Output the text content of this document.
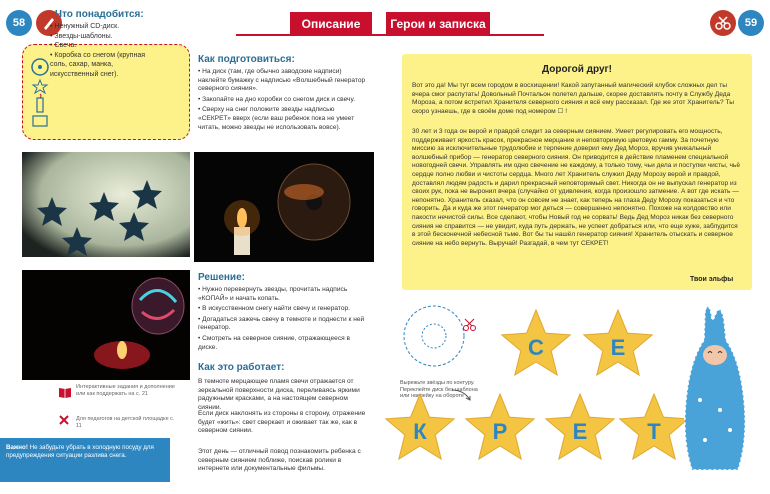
58	59
Описание	Герои и записка
Что понадобится:
• Ненужный CD-диск.
• Звезды-шаблоны.
• Свеча.
• Коробка со снегом (крупная соль, сахар, манка, искусственный снег).
Как подготовиться:
• На диск (там, где обычно заводские надписи) наклейте бумажку с надписью «Волшебный генератор северного сияния».
• Закопайте на дно коробки со снегом диск и свечу.
• Сверху на снег положите звезды надписью «СЕКРЕТ» вверх (если ваш ребенок пока не умеет читать, можно звезды не использовать вовсе).
Решение:
• Нужно перевернуть звезды, прочитать надпись «КОПАЙ» и начать копать.
• В искусственном снегу найти свечу и генератор.
• Догадаться зажечь свечу в темноте и поднести к ней генератор.
• Смотреть на северное сияние, отражающееся в диске.
Как это работает:
В темноте мерцающее пламя свечи отражается от зеркальной поверхности диска, переливаясь яркими радужными красками, а на настоящем северном сиянии.
Если диск наклонять из стороны в сторону, отражение будет «жить»: свет сверкает и оживает так же, как в северном сиянии.
Этот день — отличный повод познакомить ребенка с северным сиянием поближе, поискав ролики в интернете или документальные фильмы.
Интерактивные задания и дополнение или как поддержать на с. 21
Для педагогов на детской площадке с. 11
Важно! Не забудьте убрать в холодную посуду для предупреждения ситуации разлива снега.
Дорогой друг!
Вот это да! Мы тут всем городом в восхищении! Какой запутанный магический клубок сложных дел ты вчера смог распутать! Довольный Почтальон полетел дальше, скорее доставлять почту в Службу Деда Мороза, а потом встретил Хранителя северного сияния и всё ему рассказал. Где же этот Хранитель? Ты скоро узнаешь, где в своём доме под номером ☐ !
30 лет и 3 года он верой и правдой следит за северным сиянием. Умеет регулировать его мощность, поддерживает яркость красок, прекрасное мерцание и неповторимую цветовую гамму. За почетную миссию за исключительные трудолюбие и терпение доверил ему Дед Мороз, вручив уникальный волшебный прибор — генератор северного сияния. Он приводится в действие пламенем специальной новогодней свечи. Управлять им одно свечение не каждому, а только тому, чьи дела и поступки чисты, чьё сердце полно любви и чистоты сердца. Много лет Хранитель служил Деду Морозу верой и правдой, доставлял людям радость и дарил прекрасный неповторимый свет. Никогда он не выпускал генератор из своих рук, пока не выронил вчера (случайно от удивления, когда произошло затмение. А вот где искать — непонятно. Хранитель сказал, что он совсем не знает, как теперь на глаза Деду Морозу показаться и что говорить. Да и куда же этот генератор мог деться — совершенно непонятно. Похоже на колдовство или пакости нечистой силы. Все сделают, чтобы Новый год не сорвать! Ведь Дед Мороз никак без северного сияния не справится — не увидит, куда путь держать, не успеет добраться или, что еще хуже, заблудится в этой бесконечной небесной тьме. Вот бы ты нашёл генератор сияния! Хранитель отыскать и северное сияние на небо вернуть. Выручай! Разгадай, в чем тут СЕКРЕТ!
Твои эльфы
Вырежьте звёзды по контуру. Переклейте диск без шаблона или наклейку на обороте
С	Е
К	Р	Е	Т
Лабиринт.ру
